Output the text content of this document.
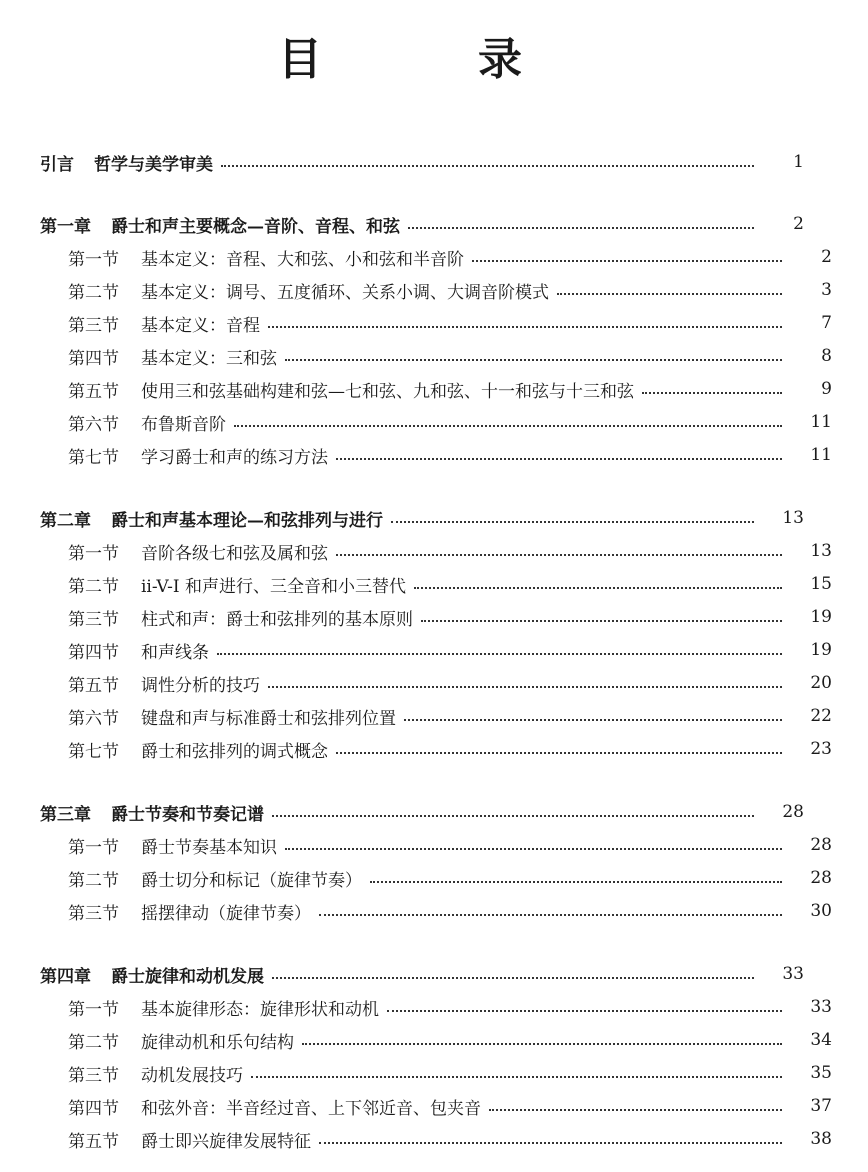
目　录
引言 哲学与美学审美	1
第一章 爵士和声主要概念—音阶、音程、和弦	2
第一节 基本定义：音程、大和弦、小和弦和半音阶	2
第二节 基本定义：调号、五度循环、关系小调、大调音阶模式	3
第三节 基本定义：音程	7
第四节 基本定义：三和弦	8
第五节 使用三和弦基础构建和弦—七和弦、九和弦、十一和弦与十三和弦	9
第六节 布鲁斯音阶	11
第七节 学习爵士和声的练习方法	11
第二章 爵士和声基本理论—和弦排列与进行	13
第一节 音阶各级七和弦及属和弦	13
第二节 ii-V-I 和声进行、三全音和小三替代	15
第三节 柱式和声：爵士和弦排列的基本原则	19
第四节 和声线条	19
第五节 调性分析的技巧	20
第六节 键盘和声与标准爵士和弦排列位置	22
第七节 爵士和弦排列的调式概念	23
第三章 爵士节奏和节奏记谱	28
第一节 爵士节奏基本知识	28
第二节 爵士切分和标记（旋律节奏）	28
第三节 摇摆律动（旋律节奏）	30
第四章 爵士旋律和动机发展	33
第一节 基本旋律形态：旋律形状和动机	33
第二节 旋律动机和乐句结构	34
第三节 动机发展技巧	35
第四节 和弦外音：半音经过音、上下邻近音、包夹音	37
第五节 爵士即兴旋律发展特征	38
